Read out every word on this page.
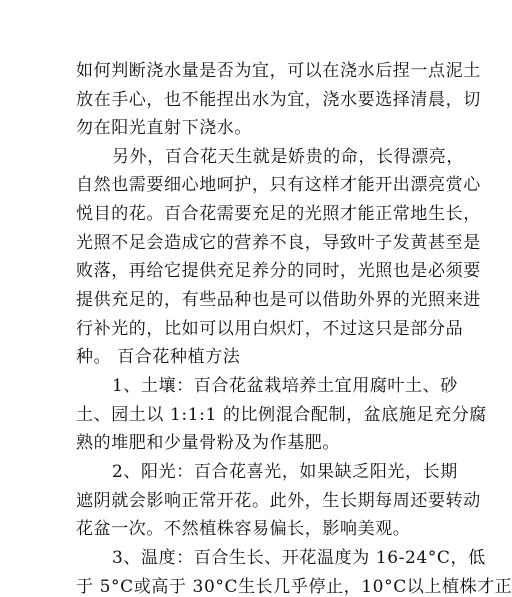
如何判断浇水量是否为宜，可以在浇水后捏一点泥土
放在手心，也不能捏出水为宜，浇水要选择清晨，切
勿在阳光直射下浇水。
另外，百合花天生就是娇贵的命，长得漂亮，
自然也需要细心地呵护，只有这样才能开出漂亮赏心
悦目的花。百合花需要充足的光照才能正常地生长，
光照不足会造成它的营养不良，导致叶子发黄甚至是
败落，再给它提供充足养分的同时，光照也是必须要
提供充足的，有些品种也是可以借助外界的光照来进
行补光的，比如可以用白炽灯，不过这只是部分品
种。 百合花种植方法
1、土壤：百合花盆栽培养土宜用腐叶土、砂
土、园土以 1:1:1 的比例混合配制，盆底施足充分腐
熟的堆肥和少量骨粉及为作基肥。
2、阳光：百合花喜光，如果缺乏阳光，长期
遮阴就会影响正常开花。此外，生长期每周还要转动
花盆一次。不然植株容易偏长，影响美观。
3、温度：百合生长、开花温度为 16-24°C，低
于 5°C或高于 30°C生长几乎停止，10°C以上植株才正
